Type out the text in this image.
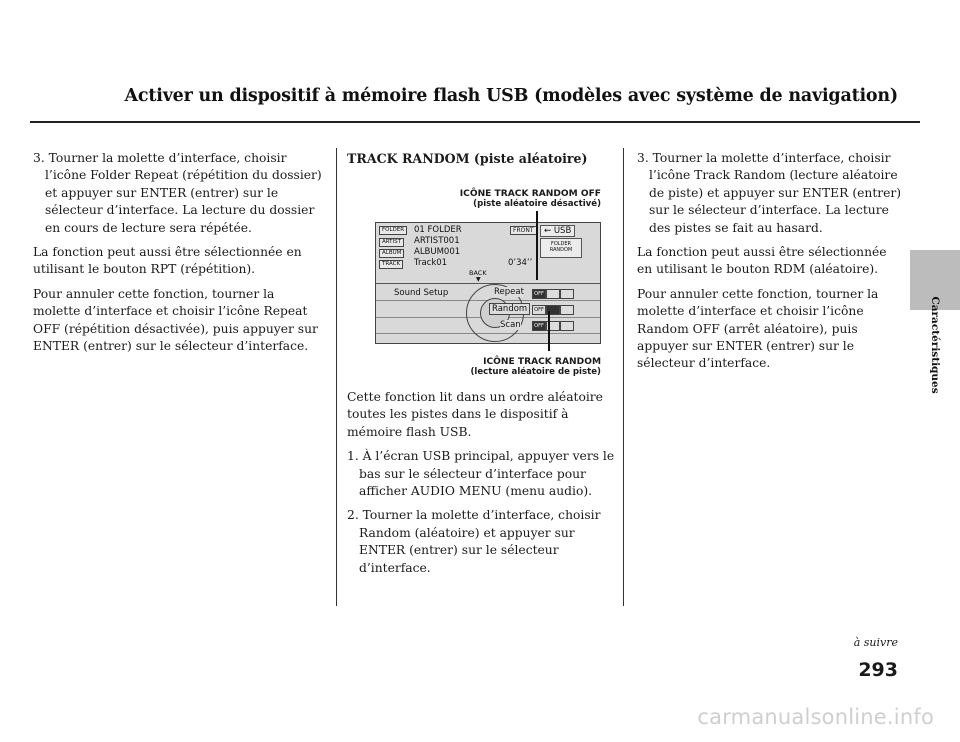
Activer un dispositif à mémoire flash USB (modèles avec système de navigation)
Caractéristiques

3. Tourner la molette d’interface, choisir l’icône Folder Repeat (répétition du dossier) et appuyer sur ENTER (entrer) sur le sélecteur d’interface. La lecture du dossier en cours de lecture sera répétée.

La fonction peut aussi être sélectionnée en utilisant le bouton RPT (répétition).

Pour annuler cette fonction, tourner la molette d’interface et choisir l’icône Repeat OFF (répétition désactivée), puis appuyer sur ENTER (entrer) sur le sélecteur d’interface.

TRACK RANDOM (piste aléatoire)
ICÔNE TRACK RANDOM OFF
(piste aléatoire désactivé)
FOLDER
ARTIST
ALBUM
TRACK
01 FOLDER
ARTIST001
ALBUM001
Track01
FRONT	⇜ USB
FOLDER RANDOM
0’34’’
BACK
▼
Sound Setup	Repeat
Random
Scan
OFF
OFF
OFF
ICÔNE TRACK RANDOM
(lecture aléatoire de piste)

Cette fonction lit dans un ordre aléatoire toutes les pistes dans le dispositif à mémoire flash USB.

1. À l’écran USB principal, appuyer vers le bas sur le sélecteur d’interface pour afficher AUDIO MENU (menu audio).

2. Tourner la molette d’interface, choisir Random (aléatoire) et appuyer sur ENTER (entrer) sur le sélecteur d’interface.

3. Tourner la molette d’interface, choisir l’icône Track Random (lecture aléatoire de piste) et appuyer sur ENTER (entrer) sur le sélecteur d’interface. La lecture des pistes se fait au hasard.

La fonction peut aussi être sélectionnée en utilisant le bouton RDM (aléatoire).

Pour annuler cette fonction, tourner la molette d’interface et choisir l’icône Random OFF (arrêt aléatoire), puis appuyer sur ENTER (entrer) sur le sélecteur d’interface.

à suivre
293
carmanualsonline.info
